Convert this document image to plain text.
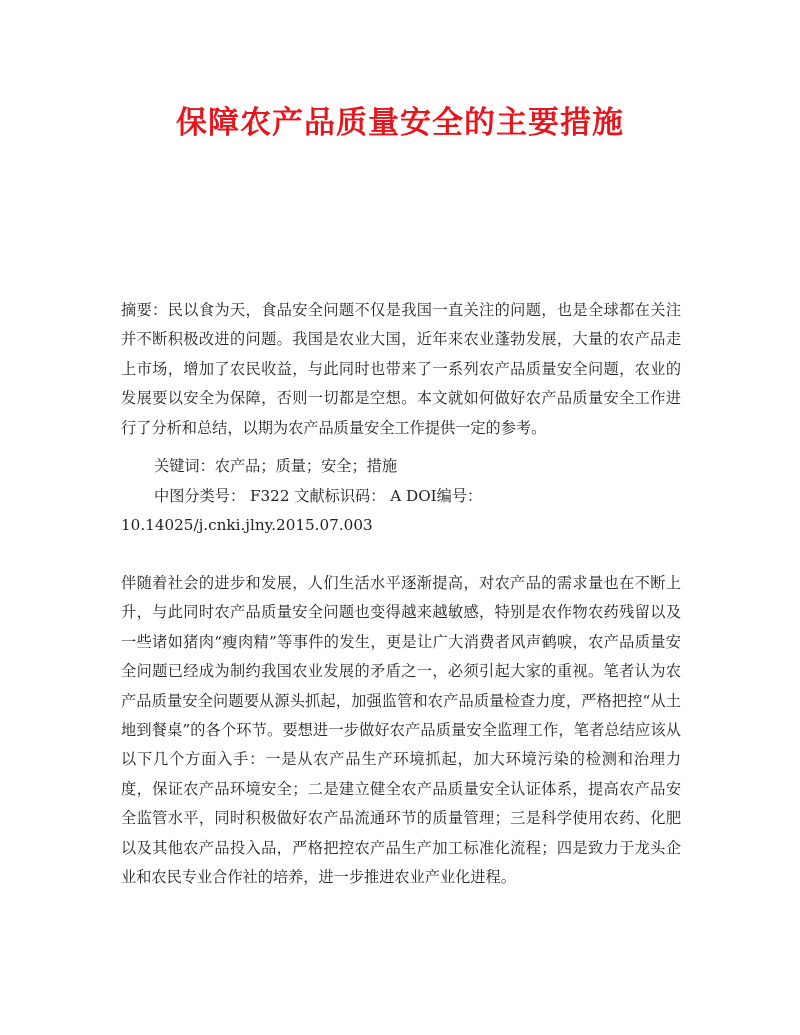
保障农产品质量安全的主要措施
摘要：民以食为天，食品安全问题不仅是我国一直关注的问题，也是全球都在关注并不断积极改进的问题。我国是农业大国，近年来农业蓬勃发展，大量的农产品走上市场，增加了农民收益，与此同时也带来了一系列农产品质量安全问题，农业的发展要以安全为保障，否则一切都是空想。本文就如何做好农产品质量安全工作进行了分析和总结，以期为农产品质量安全工作提供一定的参考。
关键词：农产品；质量；安全；措施
中图分类号： F322 文献标识码： A DOI编号：
10.14025/j.cnki.jlny.2015.07.003
伴随着社会的进步和发展，人们生活水平逐渐提高，对农产品的需求量也在不断上升，与此同时农产品质量安全问题也变得越来越敏感，特别是农作物农药残留以及一些诸如猪肉“瘦肉精”等事件的发生，更是让广大消费者风声鹤唳，农产品质量安全问题已经成为制约我国农业发展的矛盾之一，必须引起大家的重视。笔者认为农产品质量安全问题要从源头抓起，加强监管和农产品质量检查力度，严格把控“从土地到餐桌”的各个环节。要想进一步做好农产品质量安全监理工作，笔者总结应该从以下几个方面入手：一是从农产品生产环境抓起，加大环境污染的检测和治理力度，保证农产品环境安全；二是建立健全农产品质量安全认证体系，提高农产品安全监管水平，同时积极做好农产品流通环节的质量管理；三是科学使用农药、化肥以及其他农产品投入品，严格把控农产品生产加工标准化流程；四是致力于龙头企业和农民专业合作社的培养，进一步推进农业产业化进程。
